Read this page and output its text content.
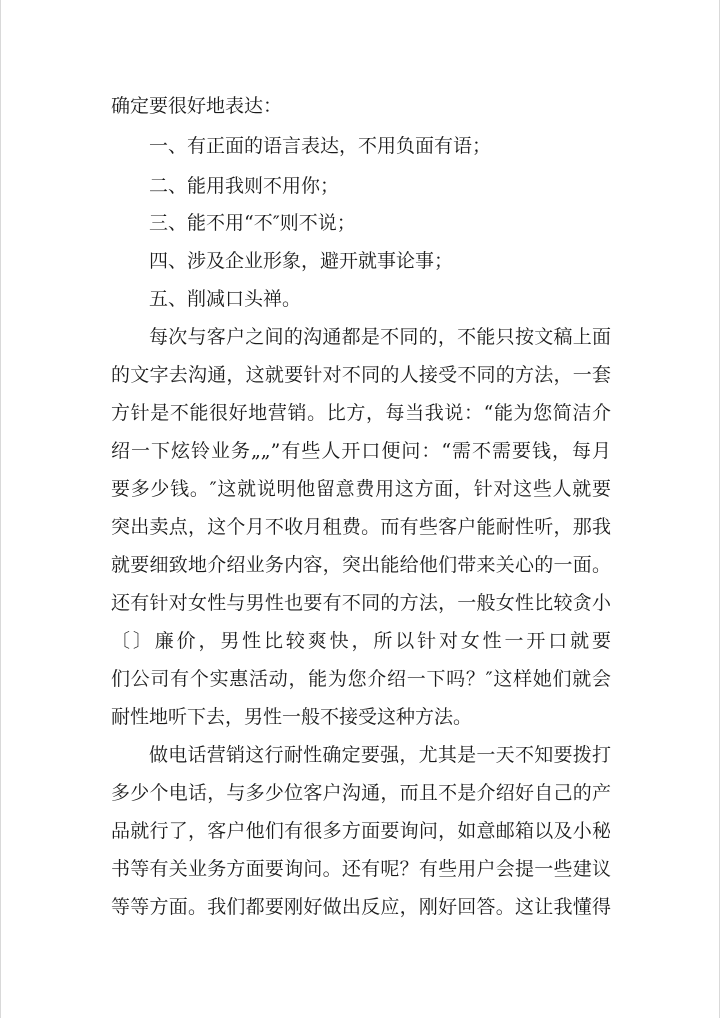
确定要很好地表达：
一、有正面的语言表达，不用负面有语；
二、能用我则不用你；
三、能不用“不″则不说；
四、涉及企业形象，避开就事论事；
五、削减口头禅。
每次与客户之间的沟通都是不同的，不能只按文稿上面
的文字去沟通，这就要针对不同的人接受不同的方法，一套
方针是不能很好地营销。比方，每当我说：“能为您简洁介
绍一下炫铃业务„„”有些人开口便问：“需不需要钱，每月
要多少钱。″这就说明他留意费用这方面，针对这些人就要
突出卖点，这个月不收月租费。而有些客户能耐性听，那我
就要细致地介绍业务内容，突出能给他们带来关心的一面。
还有针对女性与男性也要有不同的方法，一般女性比较贪小
〔〕廉价，男性比较爽快，所以针对女性一开口就要
们公司有个实惠活动，能为您介绍一下吗？″这样她们就会
耐性地听下去，男性一般不接受这种方法。
做电话营销这行耐性确定要强，尤其是一天不知要拨打
多少个电话，与多少位客户沟通，而且不是介绍好自己的产
品就行了，客户他们有很多方面要询问，如意邮箱以及小秘
书等有关业务方面要询问。还有呢？有些用户会提一些建议
等等方面。我们都要刚好做出反应，刚好回答。这让我懂得
